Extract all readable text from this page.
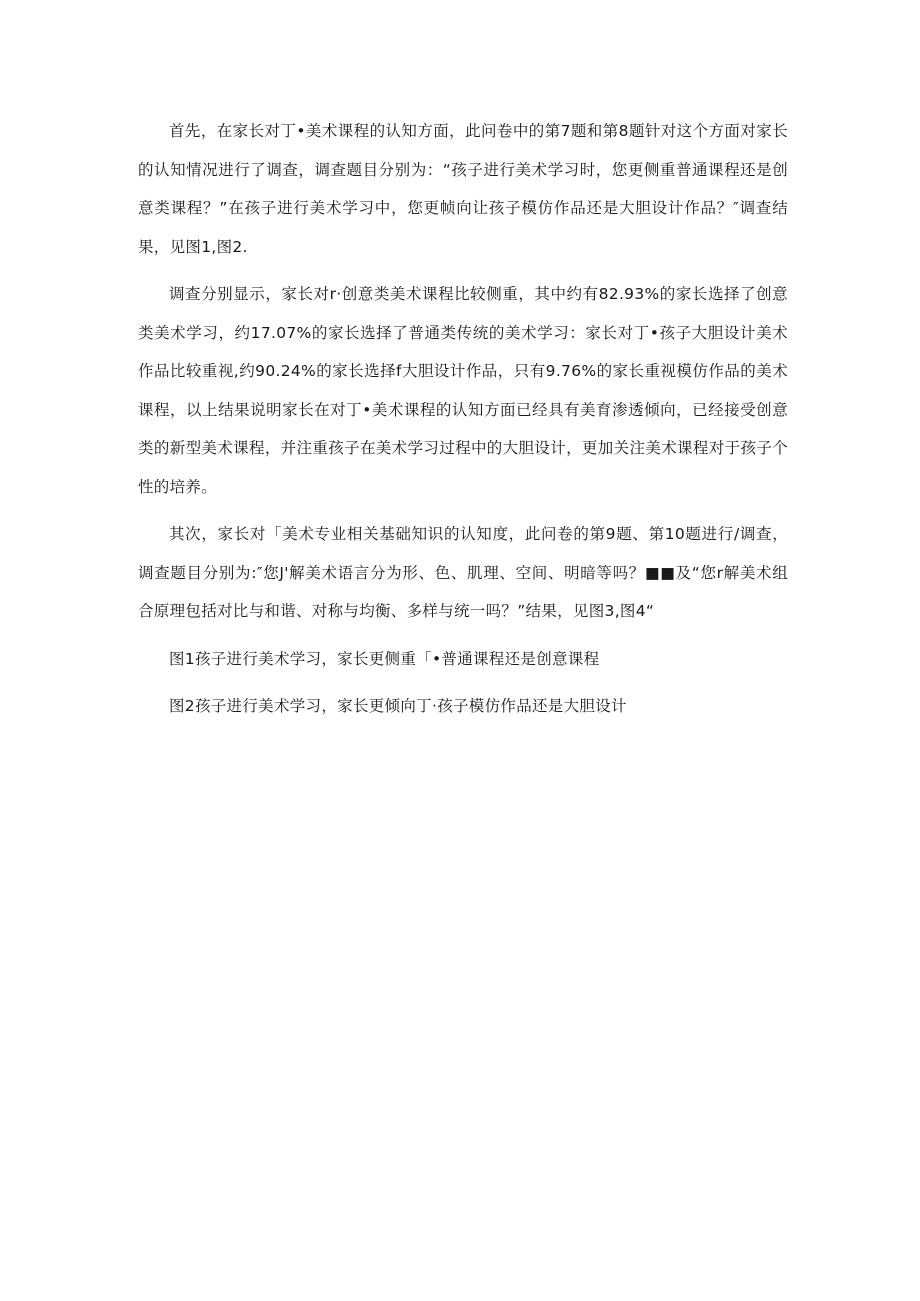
首先，在家长对丁•美术课程的认知方面，此问卷中的第7题和第8题针对这个方面对家长的认知情况进行了调查，调查题目分别为：“孩子进行美术学习时，您更侧重普通课程还是创意类课程？”在孩子进行美术学习中，您更帧向让孩子模仿作品还是大胆设计作品？″调查结果，见图1,图2.

调查分别显示，家长对r·创意类美术课程比较侧重，其中约有82.93%的家长选择了创意类美术学习，约17.07%的家长选择了普通类传统的美术学习：家长对丁•孩子大胆设计美术作品比较重视,约90.24%的家长选择f大胆设计作品，只有9.76%的家长重视模仿作品的美术课程，以上结果说明家长在对丁•美术课程的认知方面已经具有美育渗透倾向，已经接受创意类的新型美术课程，并注重孩子在美术学习过程中的大胆设计，更加关注美术课程对于孩子个性的培养。

其次，家长对「美术专业相关基础知识的认知度，此问卷的第9题、第10题进行/调查，调查题目分别为:″您J'解美术语言分为形、色、肌理、空间、明暗等吗？■■及“您r解美术组合原理包括对比与和谐、对称与均衡、多样与统一吗？”结果，见图3,图4“

图1孩子进行美术学习，家长更侧重「•普通课程还是创意课程

图2孩子进行美术学习，家长更倾向丁·孩子模仿作品还是大胆设计
